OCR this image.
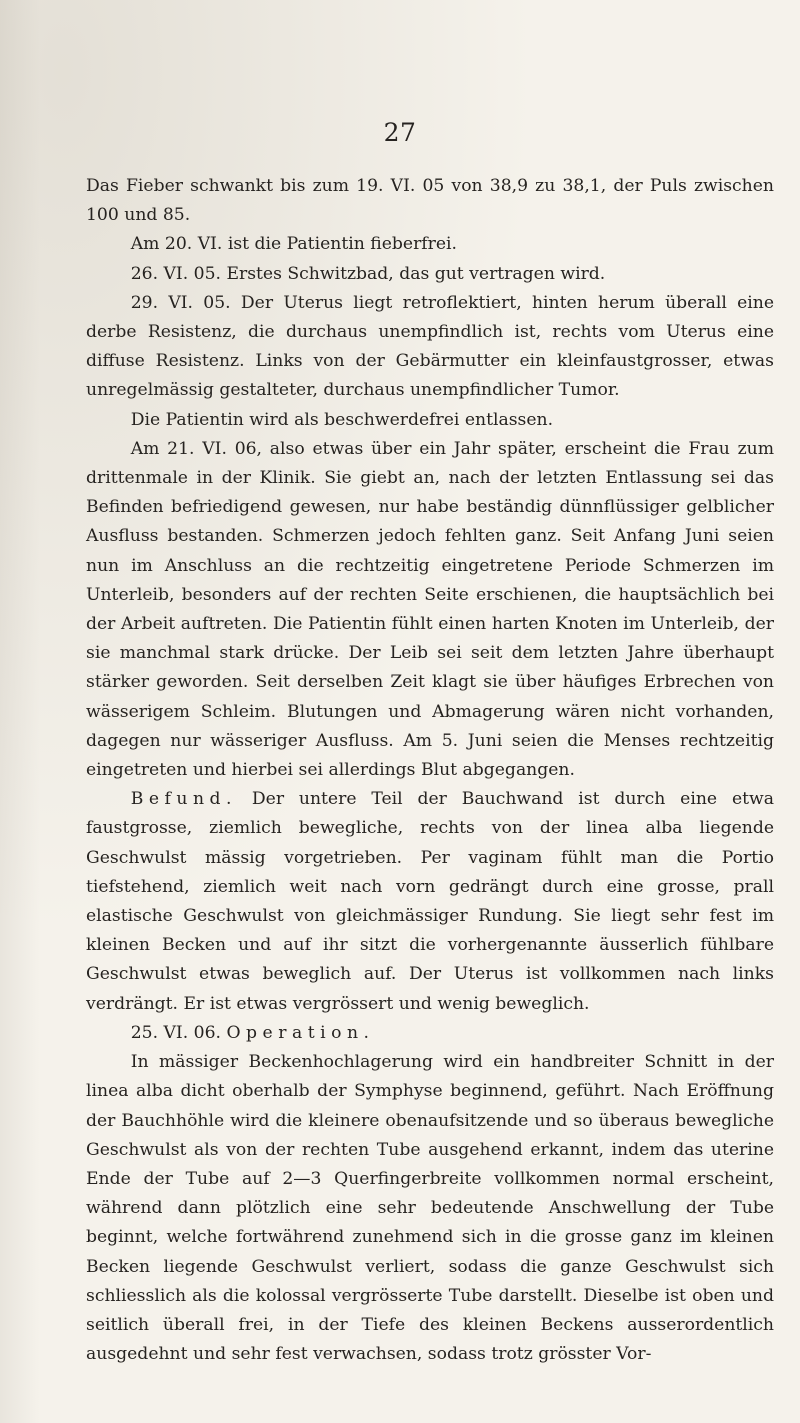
27

Das Fieber schwankt bis zum 19. VI. 05 von 38,9 zu 38,1, der Puls zwischen 100 und 85.

Am 20. VI. ist die Patientin fieberfrei.

26. VI. 05. Erstes Schwitzbad, das gut vertragen wird.

29. VI. 05. Der Uterus liegt retroflektiert, hinten herum überall eine derbe Resistenz, die durchaus unempfindlich ist, rechts vom Uterus eine diffuse Resistenz. Links von der Gebärmutter ein kleinfaustgrosser, etwas unregelmässig gestalteter, durchaus unempfindlicher Tumor.

Die Patientin wird als beschwerdefrei entlassen.

Am 21. VI. 06, also etwas über ein Jahr später, erscheint die Frau zum drittenmale in der Klinik. Sie giebt an, nach der letzten Entlassung sei das Befinden befriedigend gewesen, nur habe beständig dünnflüssiger gelblicher Ausfluss bestanden. Schmerzen jedoch fehlten ganz. Seit Anfang Juni seien nun im Anschluss an die rechtzeitig eingetretene Periode Schmerzen im Unterleib, besonders auf der rechten Seite erschienen, die hauptsächlich bei der Arbeit auftreten. Die Patientin fühlt einen harten Knoten im Unterleib, der sie manchmal stark drücke. Der Leib sei seit dem letzten Jahre überhaupt stärker geworden. Seit derselben Zeit klagt sie über häufiges Erbrechen von wässerigem Schleim. Blutungen und Abmagerung wären nicht vorhanden, dagegen nur wässeriger Ausfluss. Am 5. Juni seien die Menses rechtzeitig eingetreten und hierbei sei allerdings Blut abgegangen.

Befund. Der untere Teil der Bauchwand ist durch eine etwa faustgrosse, ziemlich bewegliche, rechts von der linea alba liegende Geschwulst mässig vorgetrieben. Per vaginam fühlt man die Portio tiefstehend, ziemlich weit nach vorn gedrängt durch eine grosse, prall elastische Geschwulst von gleichmässiger Rundung. Sie liegt sehr fest im kleinen Becken und auf ihr sitzt die vorhergenannte äusserlich fühlbare Geschwulst etwas beweglich auf. Der Uterus ist vollkommen nach links verdrängt. Er ist etwas vergrössert und wenig beweglich.

25. VI. 06. Operation.

In mässiger Beckenhochlagerung wird ein handbreiter Schnitt in der linea alba dicht oberhalb der Symphyse beginnend, geführt. Nach Eröffnung der Bauchhöhle wird die kleinere obenaufsitzende und so überaus bewegliche Geschwulst als von der rechten Tube ausgehend erkannt, indem das uterine Ende der Tube auf 2—3 Querfingerbreite vollkommen normal erscheint, während dann plötzlich eine sehr bedeutende Anschwellung der Tube beginnt, welche fortwährend zunehmend sich in die grosse ganz im kleinen Becken liegende Geschwulst verliert, sodass die ganze Geschwulst sich schliesslich als die kolossal vergrösserte Tube darstellt. Dieselbe ist oben und seitlich überall frei, in der Tiefe des kleinen Beckens ausserordentlich ausgedehnt und sehr fest verwachsen, sodass trotz grösster Vor-
